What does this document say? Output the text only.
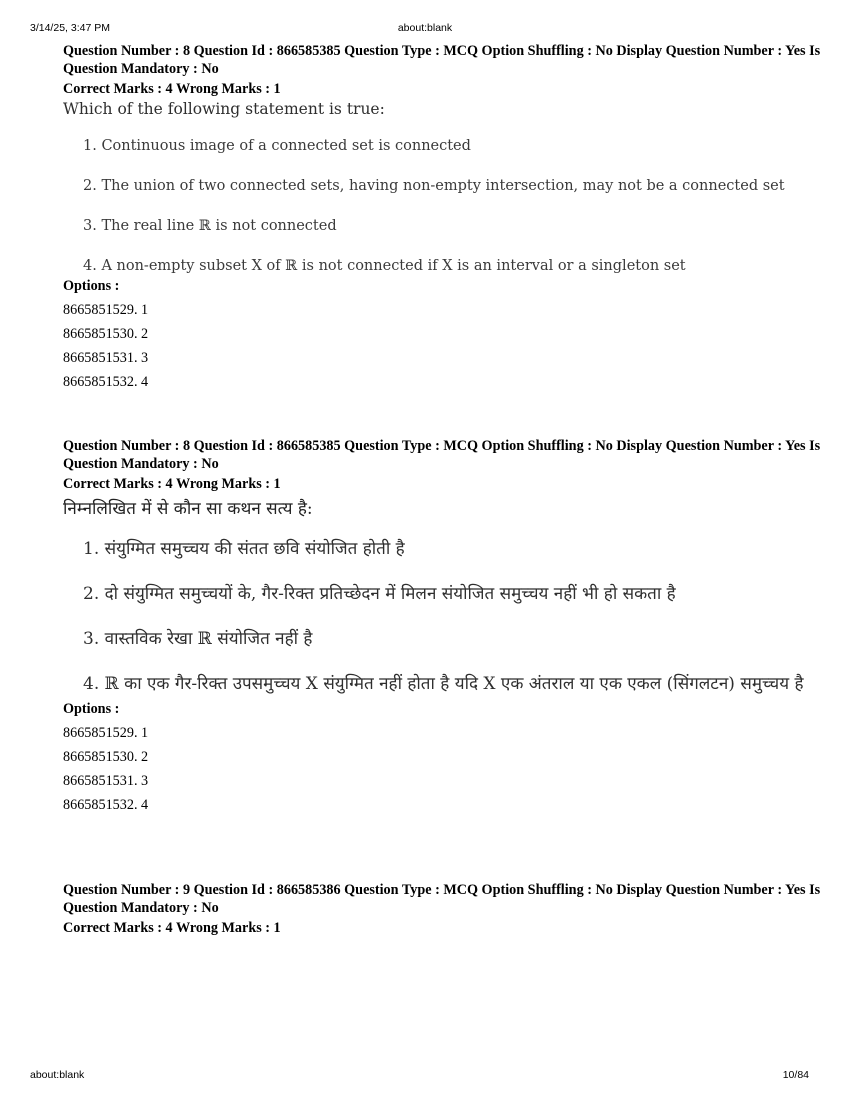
3/14/25, 3:47 PM	about:blank
Question Number : 8 Question Id : 866585385 Question Type : MCQ Option Shuffling : No Display Question Number : Yes Is Question Mandatory : No
Correct Marks : 4 Wrong Marks : 1
Which of the following statement is true:
1. Continuous image of a connected set is connected
2. The union of two connected sets, having non-empty intersection, may not be a connected set
3. The real line ℝ is not connected
4. A non-empty subset X of ℝ is not connected if X is an interval or a singleton set
Options :
8665851529. 1
8665851530. 2
8665851531. 3
8665851532. 4
Question Number : 8 Question Id : 866585385 Question Type : MCQ Option Shuffling : No Display Question Number : Yes Is Question Mandatory : No
Correct Marks : 4 Wrong Marks : 1
निम्नलिखित में से कौन सा कथन सत्य है:
1. संयुग्मित समुच्चय की संतत छवि संयोजित होती है
2. दो संयुग्मित समुच्चयों के, गैर-रिक्त प्रतिच्छेदन में मिलन संयोजित समुच्चय नहीं भी हो सकता है
3. वास्तविक रेखा ℝ संयोजित नहीं है
4. ℝ का एक गैर-रिक्त उपसमुच्चय X संयुग्मित नहीं होता है यदि X एक अंतराल या एक एकल (सिंगलटन) समुच्चय है
Options :
8665851529. 1
8665851530. 2
8665851531. 3
8665851532. 4
Question Number : 9 Question Id : 866585386 Question Type : MCQ Option Shuffling : No Display Question Number : Yes Is Question Mandatory : No
Correct Marks : 4 Wrong Marks : 1
about:blank	10/84
